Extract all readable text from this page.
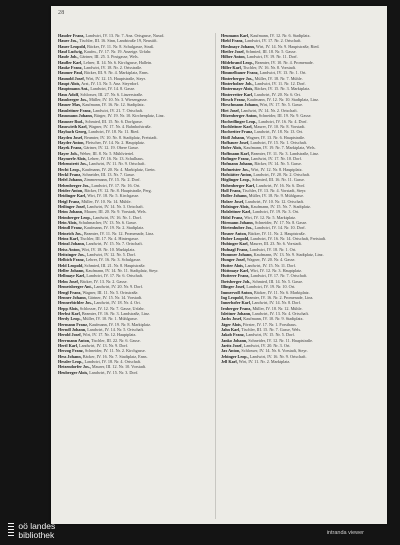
28

Hauder Franz, Landwirt, IV. 13. Nr. 7. Anz. Ortsgasse, Nussd.

Hauer Jos., Tischler, III. 16. Sinn, Landstraße 19, Neustift.

Hauer Leopold, Bäcker, IV. 11. Nr. 8. Schulgasse, Straß.

Hauf Ludwig, Kaufm., IV. 17. Nr. 19. Anzeige. Urfahr.

Haufe Joh., Gärtner, III. 25. 3. Postgasse, Wels.

Haufler Karl, Lehrer, II. 14. Nr. 6. Kirchgasse, Hallein.

Hauke Franz, Landwirt, IV. 18. Nr. 2. Ortsstraße.

Haumer Paul, Bäcker, III. 9. Nr. 4. Marktplatz, Enns.

Haunold Josef, Wirt, IV. 12. 15. Hauptstraße, Steyr.

Haupt Alois, Arzt, IV. 13. Nr. 5. Anz. Steyrdorf.

Hauptmann Ant., Landwirt, IV. 14. 8. Gasse.

Haus Adolf, Schlosser, III. 27. Nr. 6. Linzerstraße.

Hausberger Jos., Müller, IV. 10. Nr. 3. Wiesengasse.

Hauser Max, Kaufmann, IV. 16. Nr. 12. Stadtplatz.

Hausleitner Franz, Landwirt, IV. 21. 7. Ortschaft.

Hausmann Johann, Bürger, IV. 19. Nr. 10. Kirchenplatz, Linz.

Hausner Rud., Schmied, III. 15. Nr. 6. Dorfgasse.

Hauswirth Karl, Wagner, IV. 17. Nr. 4. Bahnhofstraße.

Haybach Georg, Landwirt, IV. 18. Nr. 11. Ried.

Hayden Josef, Beamter, IV. 10. Nr. 8. Stadtplatz, Freistadt.

Hayder Anton, Fleischer, IV. 14. Nr. 2. Hauptplatz.

Hayek Franz, Gärtner, IV. 12. 19. Obere Gasse.

Hayer Joh., Weber, III. 8. Nr. 5. Mühlviertel.

Haymerle Alois, Lehrer, IV. 16. Nr. 13. Schulhaus.

Hebenstreit Jos., Landwirt, IV. 11. Nr. 9. Ortschaft.

Hecht Leop., Kaufmann, IV. 20. Nr. 4. Marktplatz, Grein.

Heckl Franz, Schneider, III. 13. Nr. 7. Gasse.

Hefel Johann, Zimmermann, IV. 15. Nr. 2. Dorf.

Hehenberger Jos., Landwirt, IV. 17. Nr. 16. Ort.

Heider Anton, Bäcker, IV. 12. Nr. 8. Hauptstraße, Perg.

Heidinger Karl, Wirt, IV. 18. Nr. 5. Kirchgasse.

Heigl Franz, Müller, IV. 10. Nr. 14. Mühle.

Heilinger Josef, Landwirt, IV. 14. Nr. 3. Ortschaft.

Heim Johann, Maurer, III. 20. Nr. 9. Vorstadt, Wels.

Heimberger Leop., Landwirt, IV. 16. Nr. 1. Dorf.

Hein Alois, Schuhmacher, IV. 13. Nr. 6. Gasse.

Heindl Franz, Kaufmann, IV. 19. Nr. 2. Stadtplatz.

Heinrich Jos., Beamter, IV. 11. Nr. 12. Promenade, Linz.

Heinz Karl, Tischler, III. 17. Nr. 4. Hintergasse.

Heinzl Johann, Landwirt, IV. 15. Nr. 7. Ortschaft.

Heiss Anton, Wirt, IV. 18. Nr. 10. Marktplatz.

Heitzinger Jos., Landwirt, IV. 12. Nr. 5. Dorf.

Helbich Franz, Lehrer, IV. 16. Nr. 3. Schulgasse.

Held Leopold, Schmied, III. 21. Nr. 8. Hauptstraße.

Heller Johann, Kaufmann, IV. 14. Nr. 11. Stadtplatz, Steyr.

Hellmayr Karl, Landwirt, IV. 17. Nr. 6. Ortschaft.

Helm Josef, Bäcker, IV. 13. Nr. 2. Gasse.

Hemetsberger Ant., Landwirt, IV. 20. Nr. 9. Dorf.

Hengl Franz, Wagner, III. 11. Nr. 5. Ortsstraße.

Henner Johann, Gärtner, IV. 15. Nr. 14. Vorstadt.

Hennerbichler Jos., Landwirt, IV. 18. Nr. 4. Ort.

Hepp Alois, Schlosser, IV. 12. Nr. 7. Gasse, Urfahr.

Herbst Karl, Beamter, IV. 16. Nr. 3. Landstraße, Linz.

Herdy Leop., Müller, IV. 10. Nr. 1. Mühlgasse.

Hermann Franz, Kaufmann, IV. 19. Nr. 8. Marktplatz.

Herndl Johann, Landwirt, IV. 14. Nr. 5. Ortschaft.

Herold Josef, Wirt, IV. 17. Nr. 12. Hauptplatz.

Herrmann Anton, Tischler, III. 22. Nr. 6. Gasse.

Hertl Karl, Landwirt, IV. 13. Nr. 9. Dorf.

Herzog Franz, Schneider, IV. 11. Nr. 2. Kirchgasse.

Hess Johann, Bäcker, IV. 16. Nr. 7. Stadtplatz, Enns.

Hessler Leop., Landwirt, IV. 18. Nr. 4. Ortschaft.

Hetzendorfer Jos., Maurer, III. 12. Nr. 10. Vorstadt.

Heuberger Alois, Landwirt, IV. 15. Nr. 3. Dorf.

Heumann Karl, Kaufmann, IV. 12. Nr. 6. Stadtplatz.

Hiebl Franz, Landwirt, IV. 17. Nr. 2. Ortschaft.

Hieslmayr Johann, Wirt, IV. 14. Nr. 9. Hauptstraße, Ried.

Hietler Josef, Schmied, III. 18. Nr. 5. Gasse.

Hilber Anton, Landwirt, IV. 19. Nr. 11. Dorf.

Hildebrand Leop., Beamter, IV. 10. Nr. 4. Promenade.

Hiller Karl, Tischler, IV. 16. Nr. 8. Vorstadt.

Himmelbauer Franz, Landwirt, IV. 13. Nr. 1. Ort.

Hinterberger Jos., Müller, IV. 18. Nr. 7. Mühle.

Hinterholzer Joh., Landwirt, IV. 11. Nr. 12. Dorf.

Hintermayr Alois, Bäcker, IV. 15. Nr. 3. Marktplatz.

Hinterreiter Karl, Landwirt, IV. 20. Nr. 6. Ort.

Hirsch Franz, Kaufmann, IV. 12. Nr. 10. Stadtplatz, Linz.

Hirschmann Johann, Wirt, IV. 17. Nr. 5. Gasse.

Hirt Josef, Landwirt, IV. 14. Nr. 2. Ortschaft.

Hitzenberger Anton, Schneider, III. 19. Nr. 9. Gasse.

Hochedlinger Leop., Landwirt, IV. 16. Nr. 4. Dorf.

Hochleitner Karl, Maurer, IV. 10. Nr. 8. Vorstadt.

Hochreiter Franz, Landwirt, IV. 18. Nr. 13. Ort.

Hödl Johann, Wagner, IV. 13. Nr. 6. Hauptstraße.

Hofbauer Josef, Landwirt, IV. 15. Nr. 1. Ortschaft.

Hofer Alois, Kaufmann, IV. 19. Nr. 7. Marktplatz, Wels.

Hoffmann Karl, Beamter, IV. 11. Nr. 3. Landstraße, Linz.

Hofinger Franz, Landwirt, IV. 17. Nr. 10. Dorf.

Hofmann Johann, Bäcker, IV. 14. Nr. 5. Gasse.

Hofmeister Jos., Wirt, IV. 12. Nr. 8. Hauptplatz.

Hofstätter Anton, Landwirt, IV. 20. Nr. 2. Ortschaft.

Höglinger Leop., Schmied, III. 16. Nr. 11. Gasse.

Hohenberger Karl, Landwirt, IV. 16. Nr. 6. Dorf.

Holl Franz, Tischler, IV. 13. Nr. 4. Vorstadt, Steyr.

Holler Johann, Müller, IV. 18. Nr. 9. Mühlgasse.

Holzer Josef, Landwirt, IV. 10. Nr. 12. Ortschaft.

Holzinger Alois, Kaufmann, IV. 15. Nr. 7. Stadtplatz.

Holzleitner Karl, Landwirt, IV. 19. Nr. 3. Ort.

Hölzl Franz, Wirt, IV. 12. Nr. 5. Marktplatz.

Hörmann Johann, Schneider, IV. 17. Nr. 8. Gasse.

Hörtenhuber Jos., Landwirt, IV. 14. Nr. 10. Dorf.

Hosner Anton, Bäcker, IV. 11. Nr. 2. Hauptstraße.

Huber Leopold, Landwirt, IV. 16. Nr. 14. Ortschaft, Freistadt.

Hubinger Karl, Maurer, III. 23. Nr. 6. Vorstadt.

Hufnagl Franz, Landwirt, IV. 18. Nr. 1. Ort.

Hummer Johann, Kaufmann, IV. 13. Nr. 9. Stadtplatz, Linz.

Hunger Josef, Wagner, IV. 20. Nr. 4. Gasse.

Hutter Alois, Landwirt, IV. 15. Nr. 11. Dorf.

Hüttmayr Karl, Wirt, IV. 12. Nr. 3. Hauptplatz.

Hutterer Franz, Landwirt, IV. 17. Nr. 7. Ortschaft.

Ibetsberger Joh., Schmied, III. 14. Nr. 5. Gasse.

Illinger Josef, Landwirt, IV. 19. Nr. 10. Ort.

Immervoll Anton, Bäcker, IV. 11. Nr. 6. Marktplatz.

Ing Leopold, Beamter, IV. 16. Nr. 2. Promenade, Linz.

Innerhofer Karl, Landwirt, IV. 14. Nr. 8. Dorf.

Irnberger Franz, Müller, IV. 18. Nr. 12. Mühle.

Isleitner Johann, Landwirt, IV. 13. Nr. 4. Ortschaft.

Jachs Josef, Kaufmann, IV. 10. Nr. 9. Stadtplatz.

Jäger Alois, Förster, IV. 17. Nr. 1. Forsthaus.

Jahn Karl, Tischler, III. 15. Nr. 7. Gasse, Wels.

Jakob Franz, Landwirt, IV. 15. Nr. 5. Dorf.

Janko Johann, Schneider, IV. 12. Nr. 11. Hauptstraße.

Jaritz Josef, Landwirt, IV. 20. Nr. 3. Ort.

Jax Anton, Schlosser, IV. 14. Nr. 6. Vorstadt, Steyr.

Jebinger Leop., Landwirt, IV. 16. Nr. 9. Ortschaft.

Jell Karl, Wirt, IV. 11. Nr. 2. Marktplatz.

oö landes
bibliothek	intranda viewer
